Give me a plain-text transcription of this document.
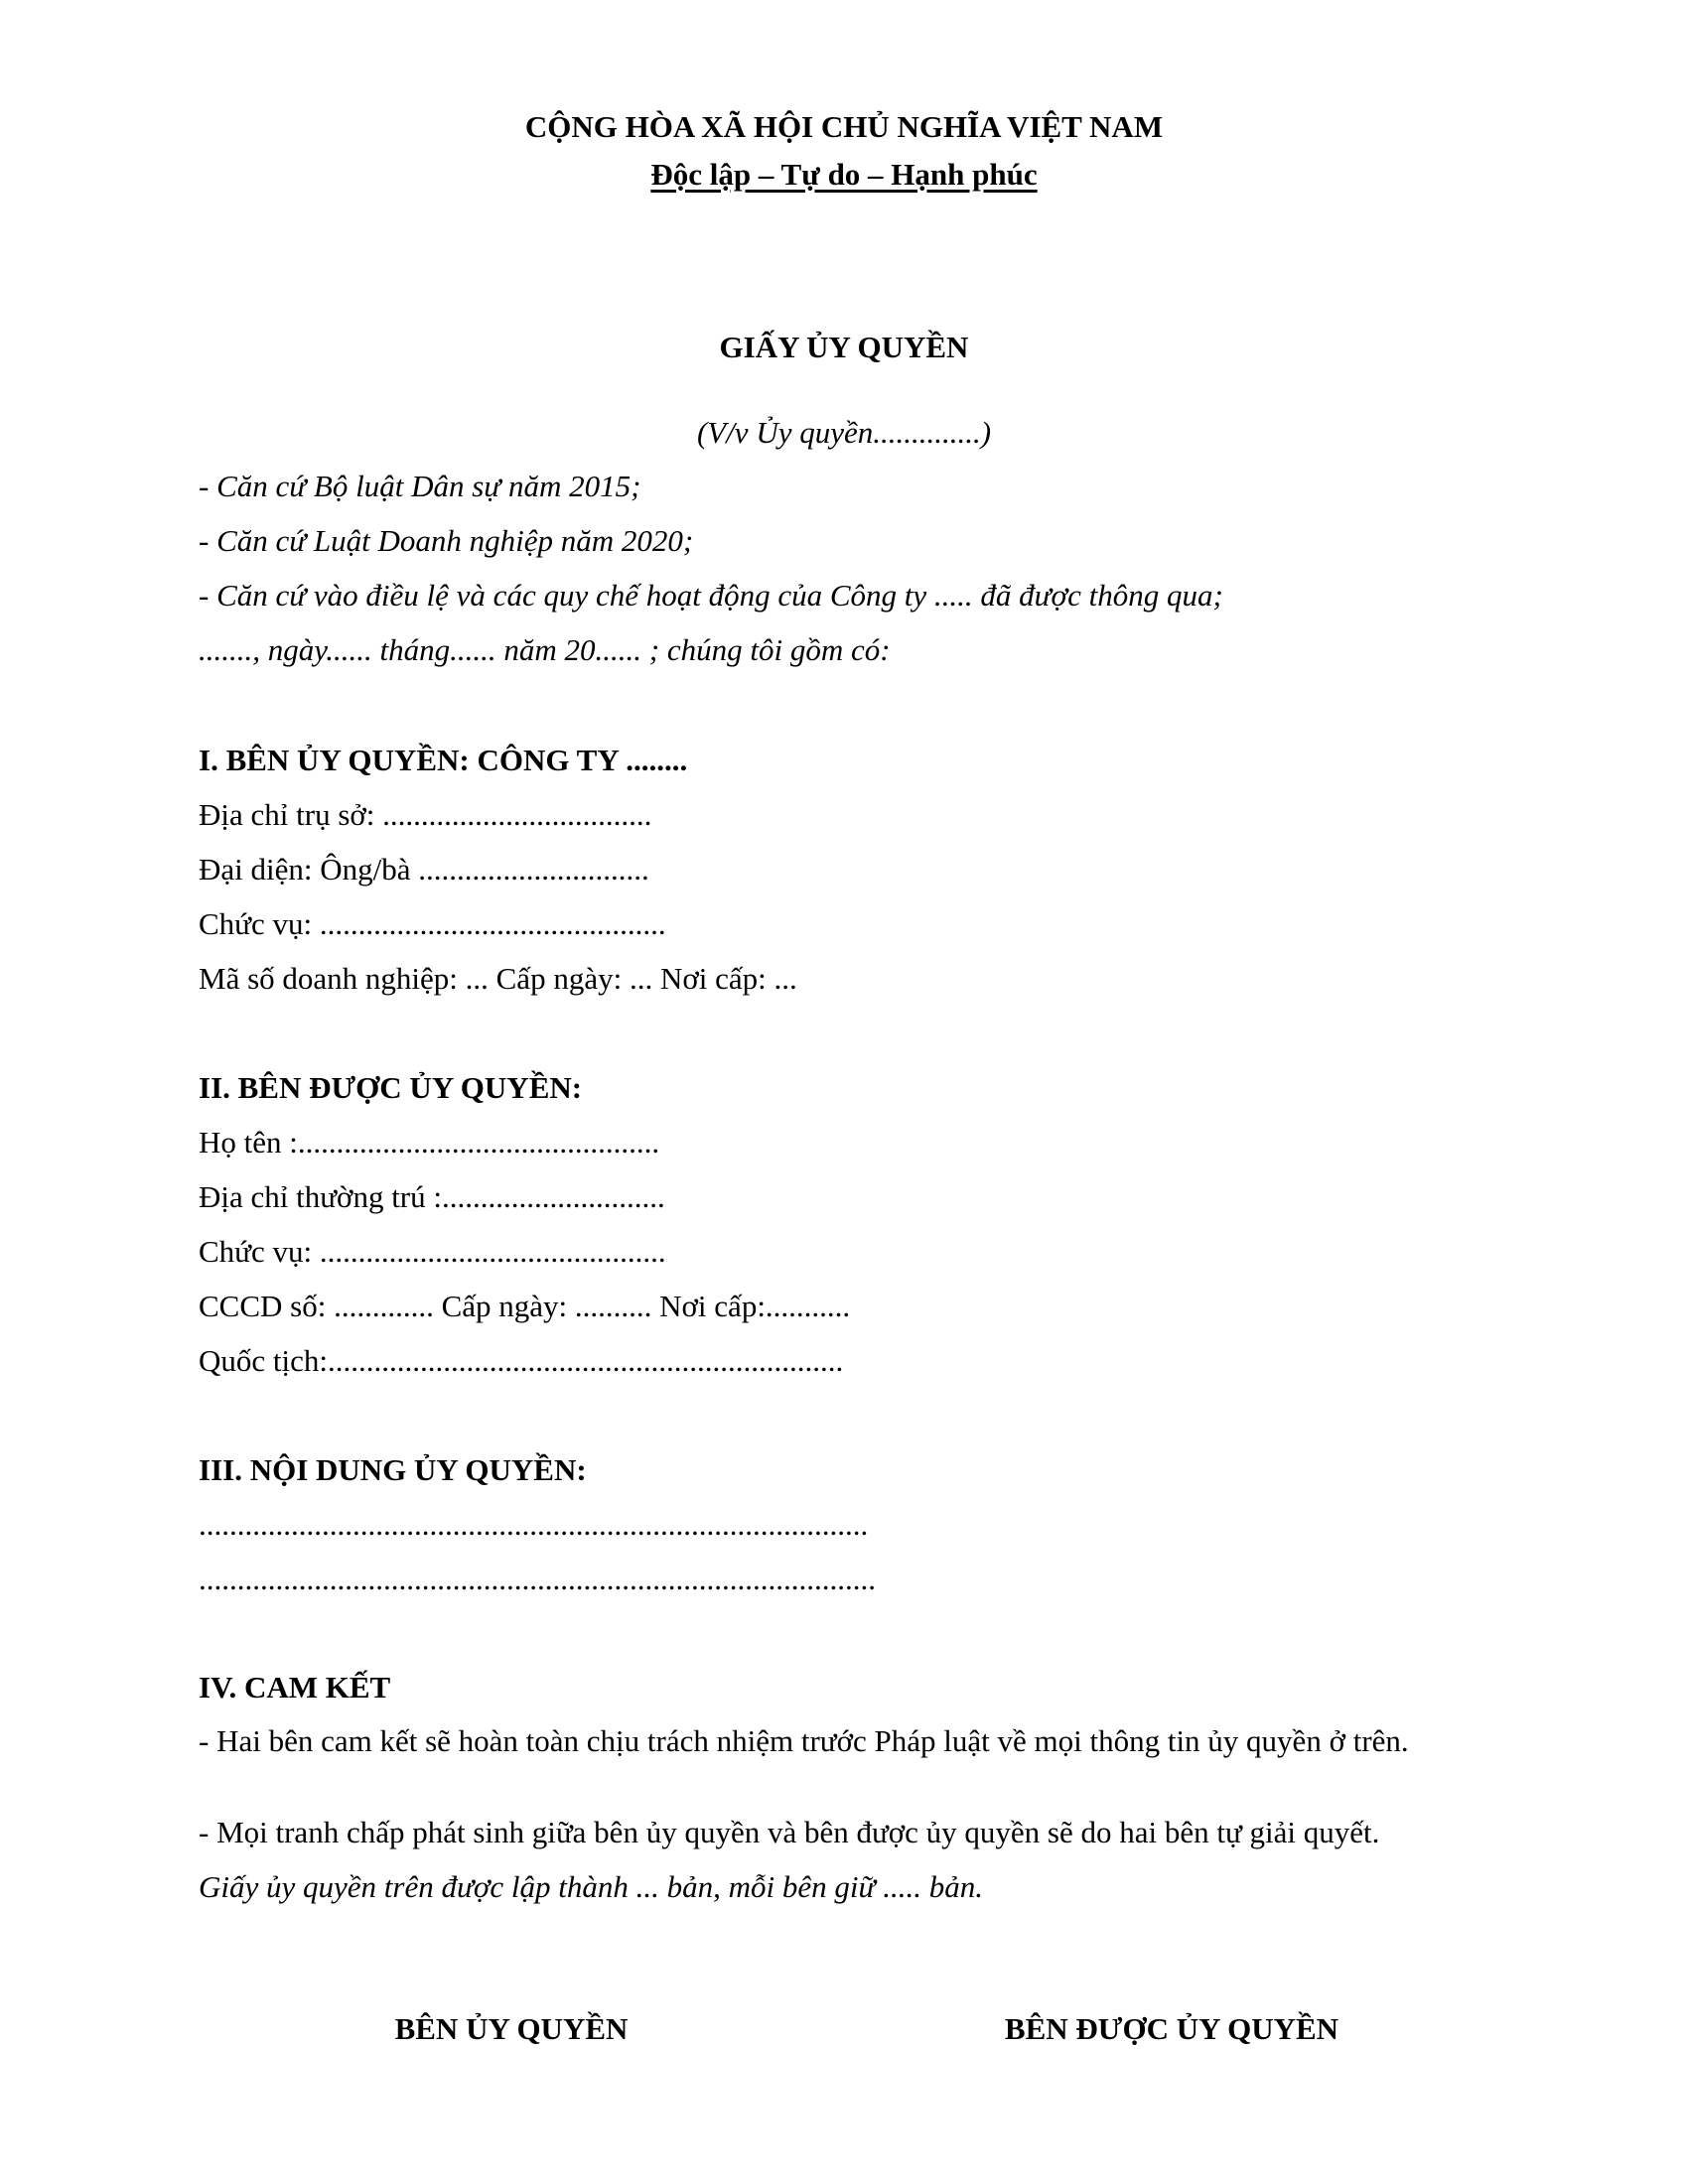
CỘNG HÒA XÃ HỘI CHỦ NGHĨA VIỆT NAM
Độc lập – Tự do – Hạnh phúc
GIẤY ỦY QUYỀN
(V/v Ủy quyền..............)
- Căn cứ Bộ luật Dân sự năm 2015;
- Căn cứ Luật Doanh nghiệp năm 2020;
- Căn cứ vào điều lệ và các quy chế hoạt động của Công ty ..... đã được thông qua;
......., ngày...... tháng...... năm 20...... ; chúng tôi gồm có:
I. BÊN ỦY QUYỀN: CÔNG TY ........
Địa chỉ trụ sở: ...................................
Đại diện: Ông/bà ..............................
Chức vụ: .............................................
Mã số doanh nghiệp: ... Cấp ngày: ... Nơi cấp: ...
II. BÊN ĐƯỢC ỦY QUYỀN:
Họ tên :...............................................
Địa chỉ thường trú :.............................
Chức vụ: .............................................
CCCD số: ............. Cấp ngày: .......... Nơi cấp:...........
Quốc tịch:...................................................................
III. NỘI DUNG ỦY QUYỀN:
.......................................................................................
........................................................................................
IV. CAM KẾT
- Hai bên cam kết sẽ hoàn toàn chịu trách nhiệm trước Pháp luật về mọi thông tin ủy quyền ở trên.
- Mọi tranh chấp phát sinh giữa bên ủy quyền và bên được ủy quyền sẽ do hai bên tự giải quyết.
Giấy ủy quyền trên được lập thành ... bản, mỗi bên giữ ..... bản.
BÊN ỦY QUYỀN	BÊN ĐƯỢC ỦY QUYỀN
